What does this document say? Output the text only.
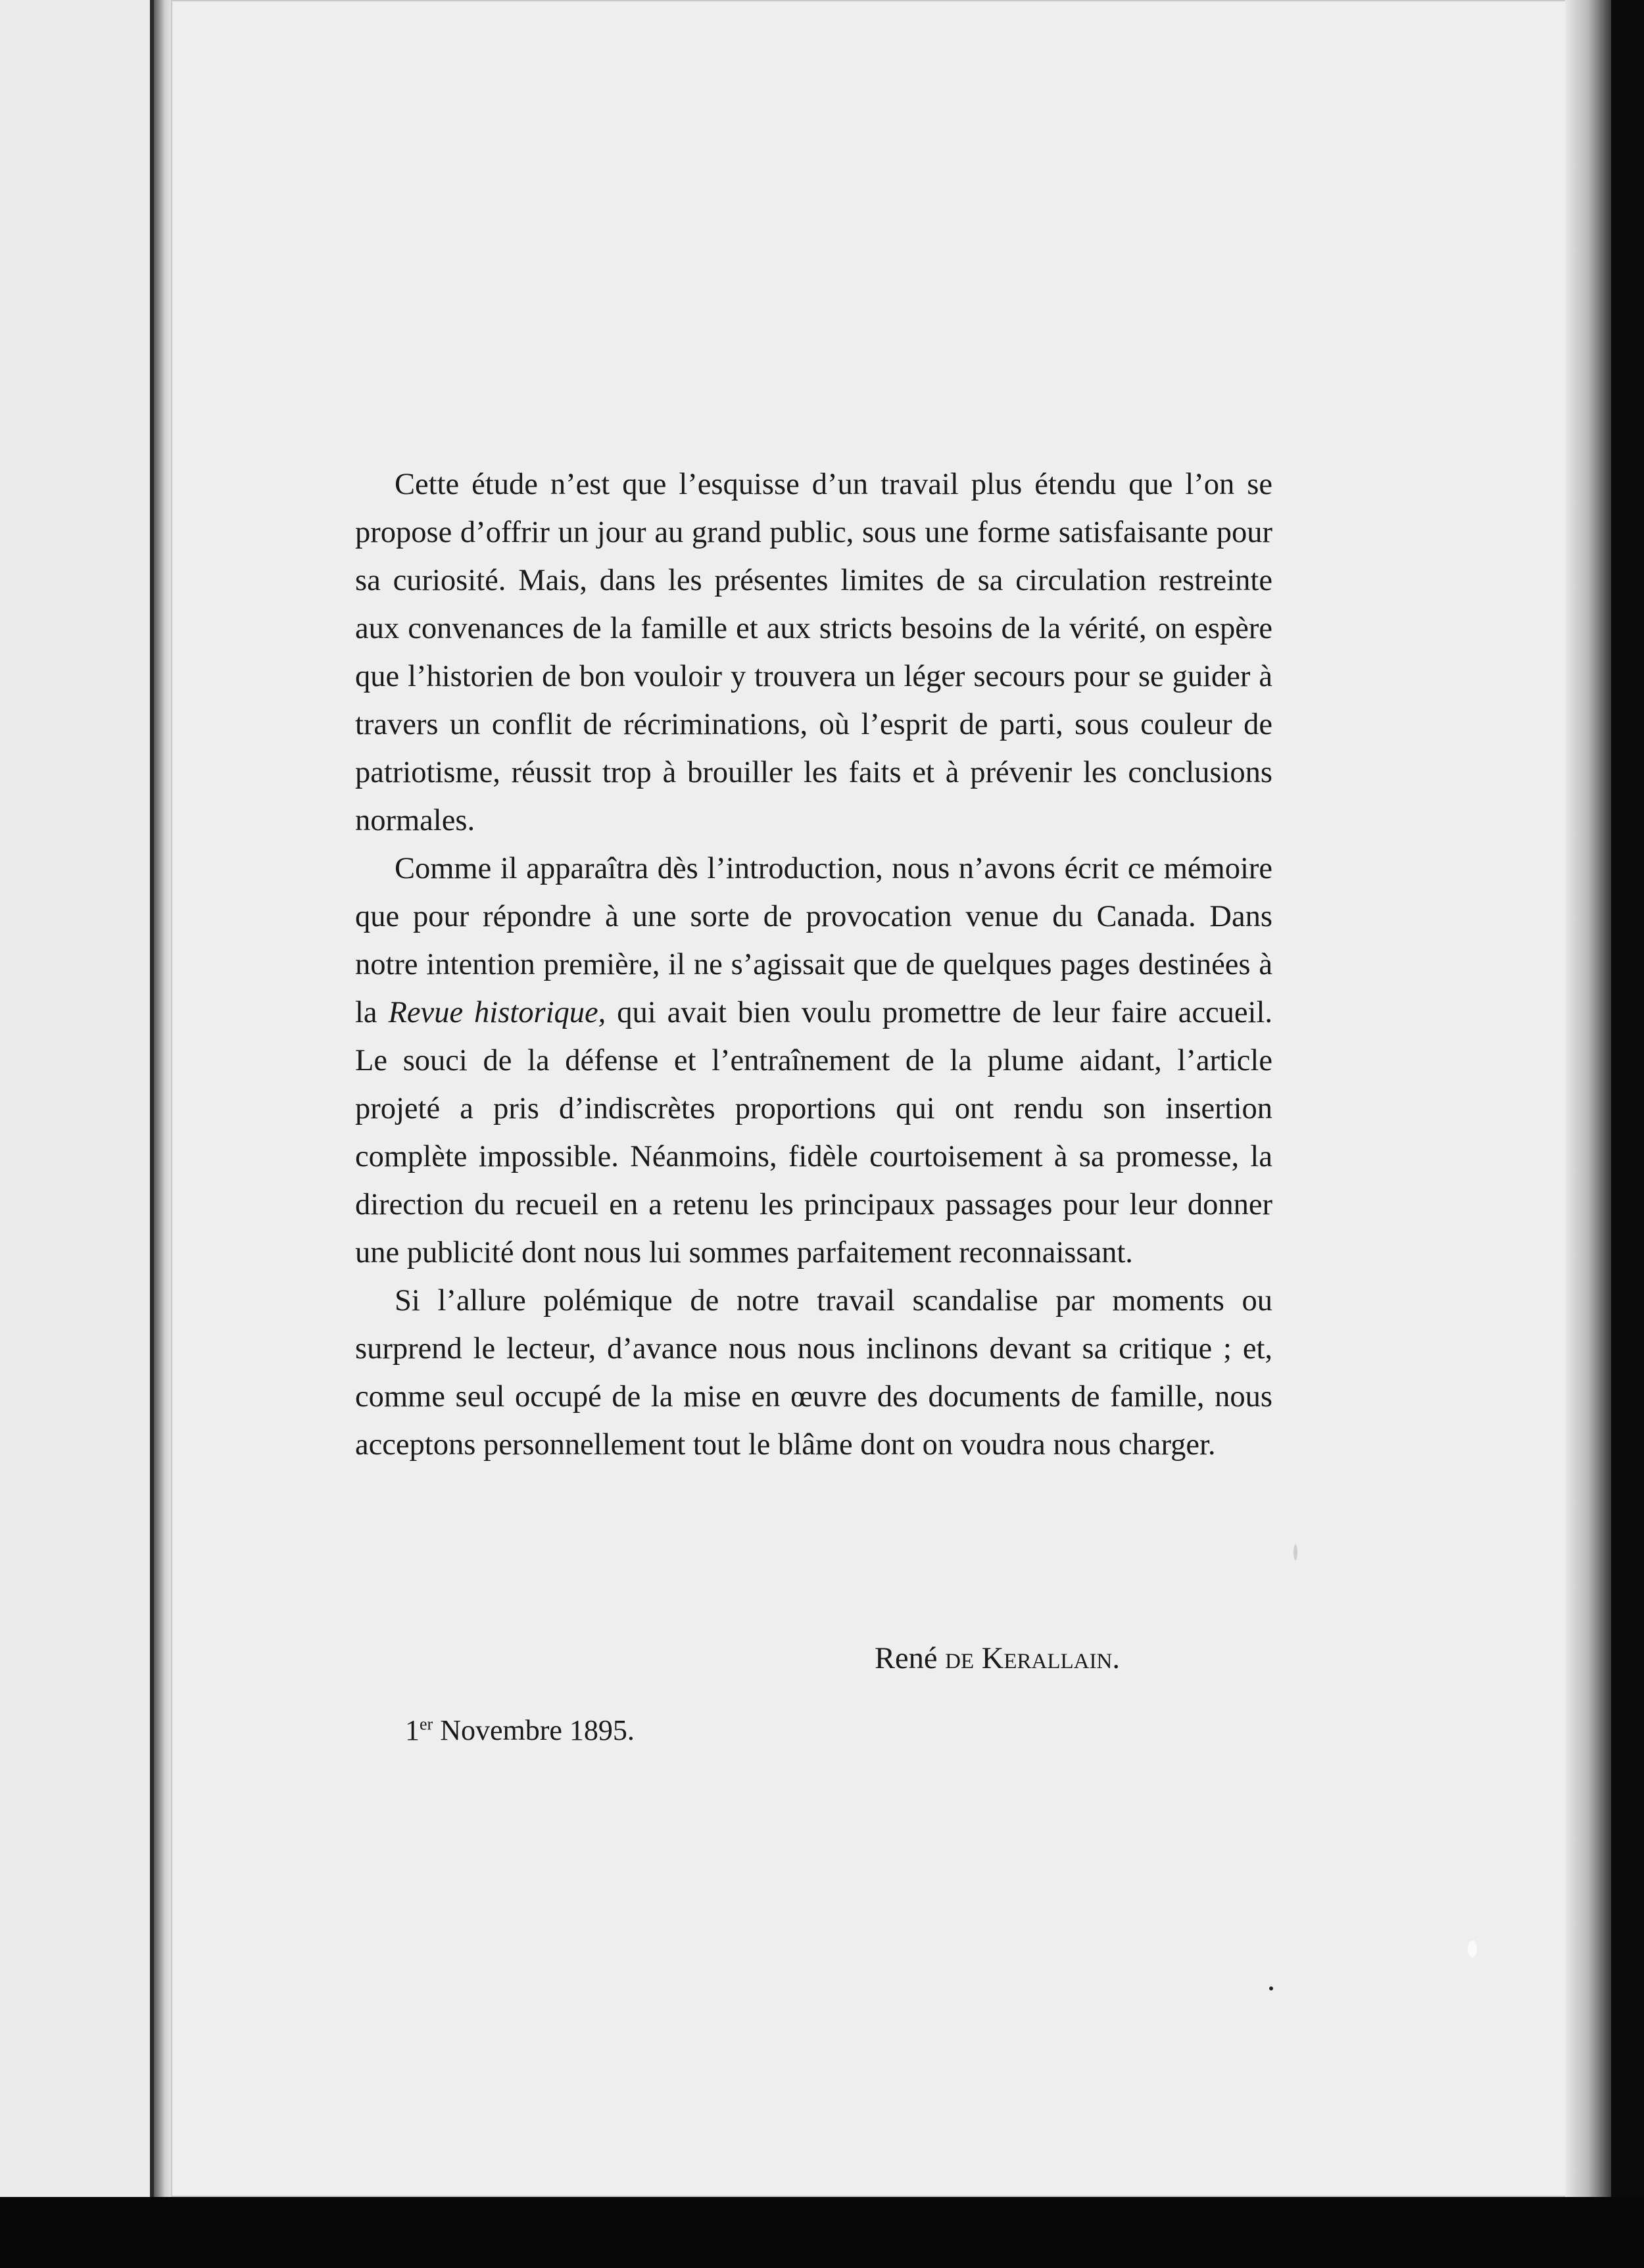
Cette étude n’est que l’esquisse d’un travail plus étendu que l’on se propose d’offrir un jour au grand public, sous une forme satisfaisante pour sa curiosité. Mais, dans les présentes limites de sa circulation restreinte aux convenances de la famille et aux stricts besoins de la vérité, on espère que l’historien de bon vouloir y trouvera un léger secours pour se guider à travers un conflit de récriminations, où l’esprit de parti, sous couleur de patriotisme, réussit trop à brouiller les faits et à prévenir les conclusions normales.

Comme il apparaîtra dès l’introduction, nous n’avons écrit ce mémoire que pour répondre à une sorte de provocation venue du Canada. Dans notre intention première, il ne s’agissait que de quelques pages destinées à la Revue historique, qui avait bien voulu promettre de leur faire accueil. Le souci de la défense et l’entraînement de la plume aidant, l’article projeté a pris d’indiscrètes proportions qui ont rendu son insertion complète impossible. Néanmoins, fidèle courtoisement à sa promesse, la direction du recueil en a retenu les principaux passages pour leur donner une publicité dont nous lui sommes parfaitement reconnaissant.

Si l’allure polémique de notre travail scandalise par moments ou surprend le lecteur, d’avance nous nous inclinons devant sa critique ; et, comme seul occupé de la mise en œuvre des documents de famille, nous acceptons personnellement tout le blâme dont on voudra nous charger.

René de Kerallain.
1er Novembre 1895.
